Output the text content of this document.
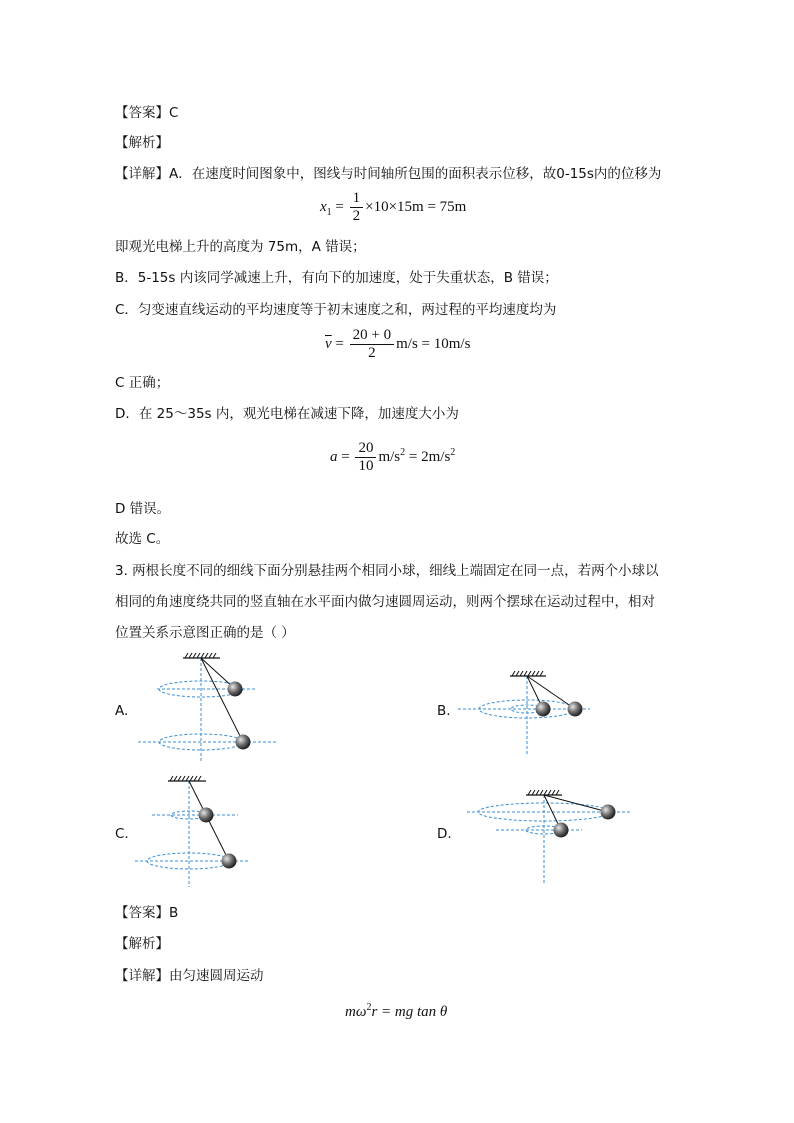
【答案】C
【解析】
【详解】A．在速度时间图象中，图线与时间轴所包围的面积表示位移，故0-15s内的位移为
$x_1 = \frac{1}{2} \times 10\times 15m = 75m$
即观光电梯上升的高度为 75m，A 错误；
B．5-15s 内该同学减速上升，有向下的加速度，处于失重状态，B 错误；
C．匀变速直线运动的平均速度等于初末速度之和，两过程的平均速度均为
$\overline{v} = \frac{20 + 0}{2} m/s = 10m/s$
C 正确；
D．在 25～35s 内，观光电梯在减速下降，加速度大小为
$a = \frac{20}{10} m/s^2 = 2m/s^2$
D 错误。
故选 C。
3. 两根长度不同的细线下面分别悬挂两个相同小球，细线上端固定在同一点，若两个小球以
相同的角速度绕共同的竖直轴在水平面内做匀速圆周运动，则两个摆球在运动过程中，相对
位置关系示意图正确的是（ ）
A.	B.
C.	D.
【答案】B
【解析】
【详解】由匀速圆周运动
$m\omega^2r$ = mg tan θ
